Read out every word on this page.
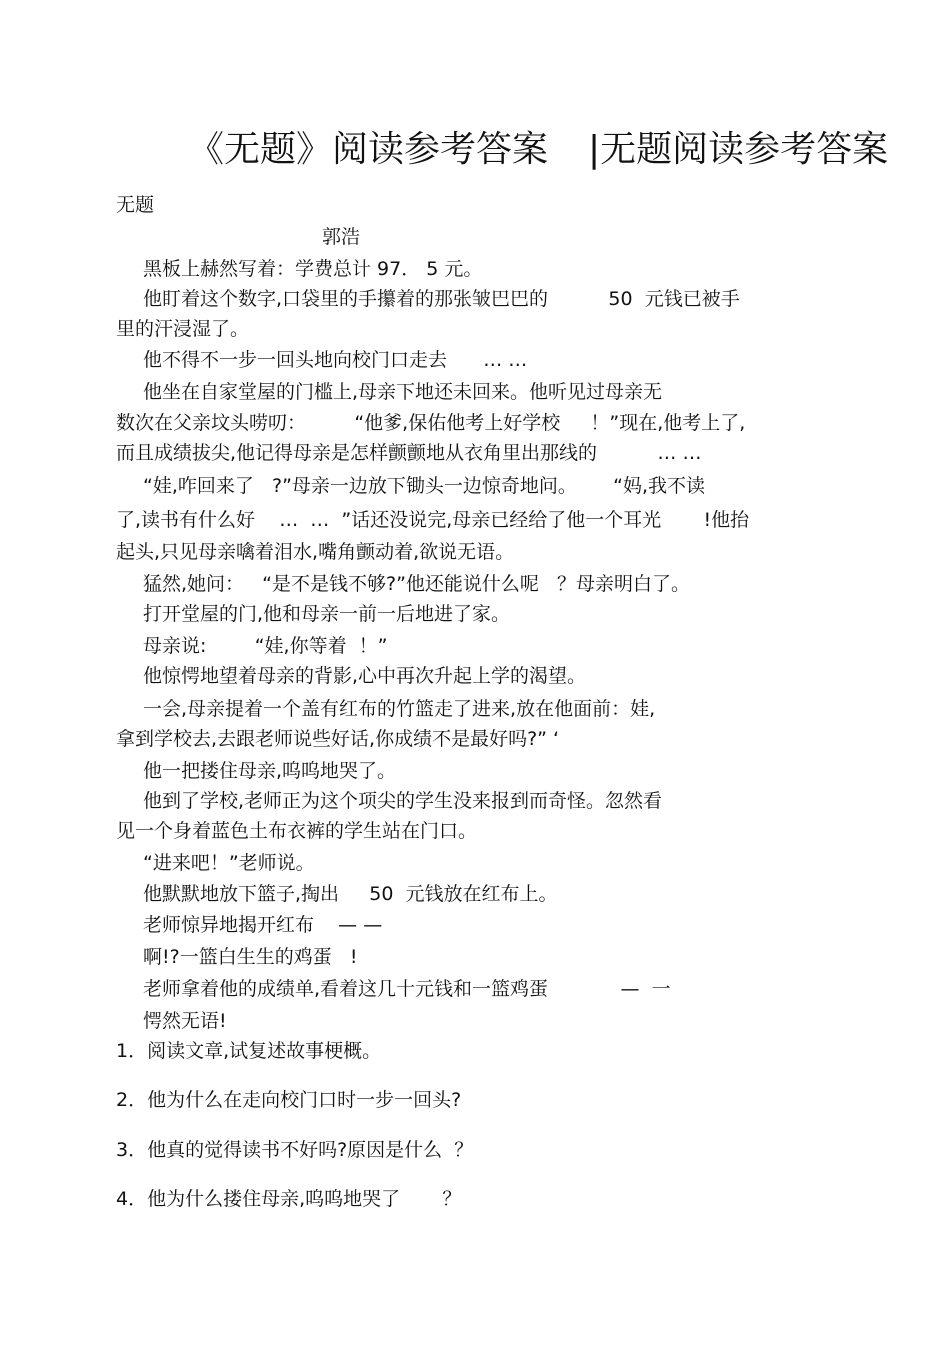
《无题》阅读参考答案 |无题阅读参考答案
无题
郭浩
黑板上赫然写着：学费总计 97． 5 元。
他盯着这个数字,口袋里的手攥着的那张皱巴巴的          50  元钱已被手
里的汗浸湿了。
他不得不一步一回头地向校门口走去      … …
他坐在自家堂屋的门槛上,母亲下地还未回来。他听见过母亲无
数次在父亲坟头唠叨：        “他爹,保佑他考上好学校     ！”现在,他考上了,
而且成绩拔尖,他记得母亲是怎样颤颤地从衣角里出那线的          … …
“娃,咋回来了   ?”母亲一边放下锄头一边惊奇地问。      “妈,我不读
了,读书有什么好    …  …  ”话还没说完,母亲已经给了他一个耳光       !他抬
起头,只见母亲噙着泪水,嘴角颤动着,欲说无语。
猛然,她问：   “是不是钱不够?”他还能说什么呢   ？母亲明白了。
打开堂屋的门,他和母亲一前一后地进了家。
母亲说:        “娃,你等着  ！”
他惊愕地望着母亲的背影,心中再次升起上学的渴望。
一会,母亲提着一个盖有红布的竹篮走了进来,放在他面前：娃,
拿到学校去,去跟老师说些好话,你成绩不是最好吗?” ‘
他一把搂住母亲,呜呜地哭了。
他到了学校,老师正为这个项尖的学生没来报到而奇怪。忽然看
见一个身着蓝色土布衣裤的学生站在门口。
“进来吧！”老师说。
他默默地放下篮子,掏出     50  元钱放在红布上。
老师惊异地揭开红布    — —
啊!?一篮白生生的鸡蛋   !
老师拿着他的成绩单,看着这几十元钱和一篮鸡蛋            —  一
愕然无语!
1．阅读文章,试复述故事梗概。
2．他为什么在走向校门口时一步一回头?
3．他真的觉得读书不好吗?原因是什么  ？
4．他为什么搂住母亲,呜呜地哭了       ？
